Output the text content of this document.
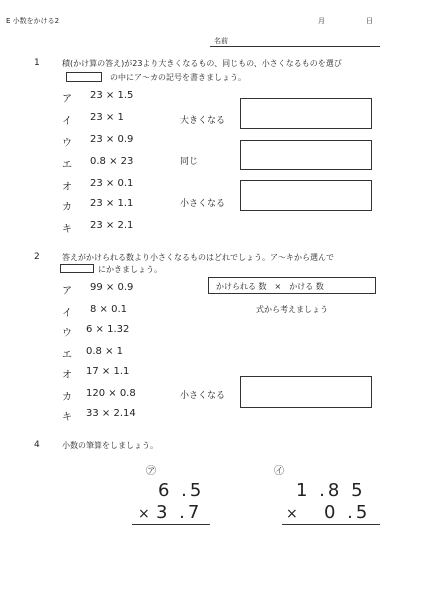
E 小数をかける2	月	日
名前
1	積(かけ算の答え)が23より大きくなるもの、同じもの、小さくなるものを選び
の中にア～カの記号を書きましょう。
ア 23 × 1.5
イ 23 × 1
ウ 23 × 0.9
エ 0.8 × 23
オ 23 × 0.1
カ 23 × 1.1
キ 23 × 2.1
大きくなる
同じ
小さくなる
2	答えがかけられる数より小さくなるものはどれでしょう。ア～キから選んで
にかきましょう。
ア 99 × 0.9
イ 8 × 0.1
ウ 6 × 1.32
エ 0.8 × 1
オ 17 × 1.1
カ 120 × 0.8
キ 33 × 2.14
かけられる 数　×　かける 数
式から考えましょう
小さくなる
4	小数の筆算をしましょう。
㋐
6 .5
× 3 .7
㋑
1 .8 5
× 0 .5
